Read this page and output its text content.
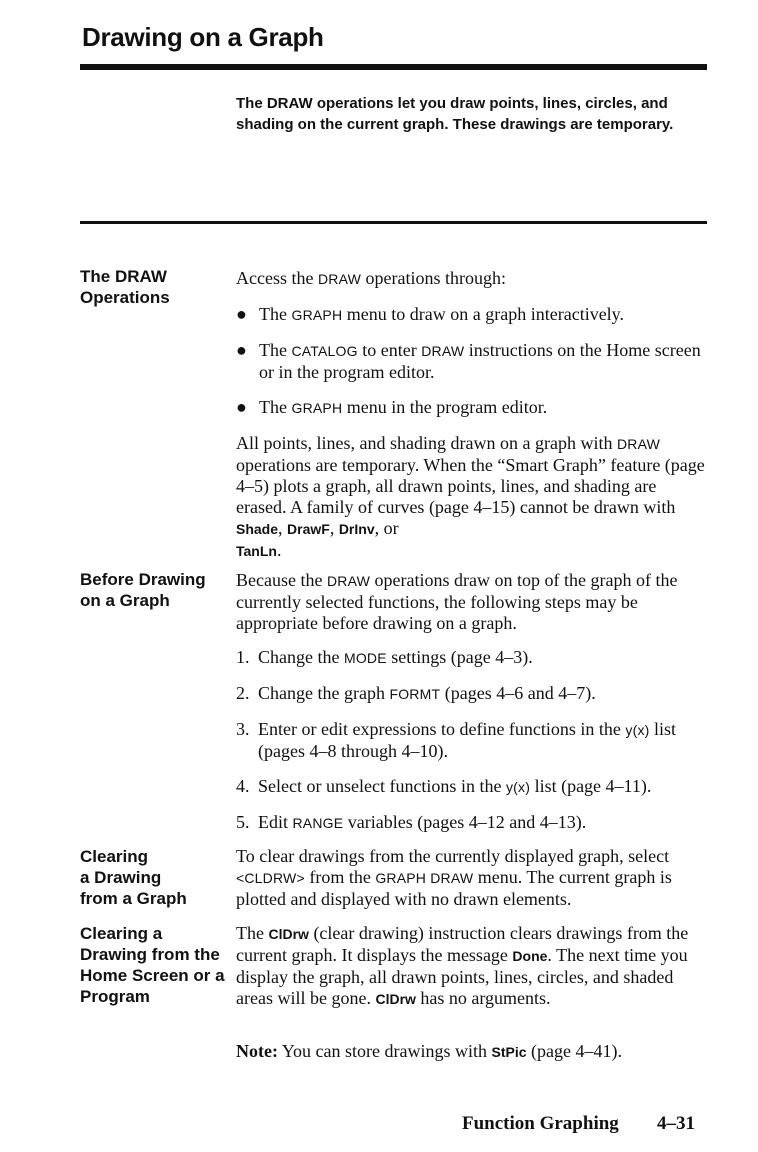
Drawing on a Graph

The DRAW operations let you draw points, lines, circles, and shading on the current graph. These drawings are temporary.

The DRAW
Operations

Access the DRAW operations through:

● The GRAPH menu to draw on a graph interactively.

● The CATALOG to enter DRAW instructions on the Home screen or in the program editor.

● The GRAPH menu in the program editor.

All points, lines, and shading drawn on a graph with DRAW operations are temporary. When the “Smart Graph” feature (page 4–5) plots a graph, all drawn points, lines, and shading are erased. A family of curves (page 4–15) cannot be drawn with Shade, DrawF, DrInv, or
TanLn.

Before Drawing
on a Graph

Because the DRAW operations draw on top of the graph of the currently selected functions, the following steps may be appropriate before drawing on a graph.

1. Change the MODE settings (page 4–3).

2. Change the graph FORMT (pages 4–6 and 4–7).

3. Enter or edit expressions to define functions in the y(x) list (pages 4–8 through 4–10).

4. Select or unselect functions in the y(x) list (page 4–11).

5. Edit RANGE variables (pages 4–12 and 4–13).

Clearing
a Drawing
from a Graph

To clear drawings from the currently displayed graph, select <CLDRW> from the GRAPH DRAW menu. The current graph is plotted and displayed with no drawn elements.

Clearing a
Drawing from the
Home Screen or a
Program

The ClDrw (clear drawing) instruction clears drawings from the current graph. It displays the message Done. The next time you display the graph, all drawn points, lines, circles, and shaded areas will be gone. ClDrw has no arguments.

Note: You can store drawings with StPic (page 4–41).

Function Graphing 4–31
